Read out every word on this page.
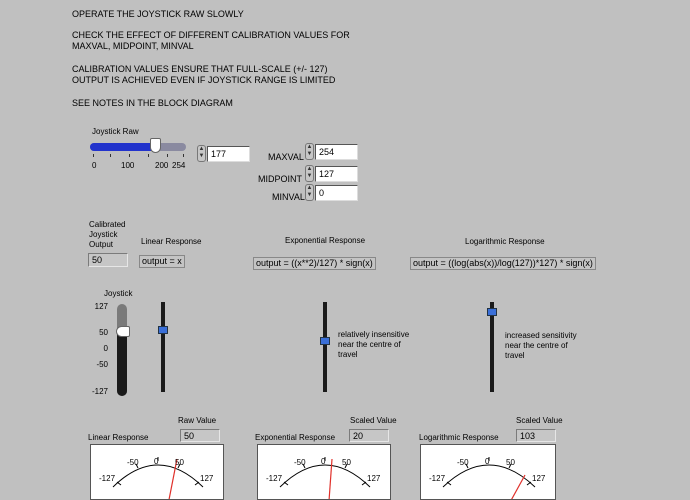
OPERATE THE JOYSTICK RAW SLOWLY
CHECK THE EFFECT OF DIFFERENT CALIBRATION VALUES FOR
MAXVAL, MIDPOINT, MINVAL
CALIBRATION VALUES ENSURE THAT FULL-SCALE (+/- 127)
OUTPUT IS ACHIEVED EVEN IF JOYSTICK RANGE IS LIMITED
SEE NOTES IN THE BLOCK DIAGRAM
Joystick Raw
0	100	200 254
▲
▼ 177	MAXVAL
▲
▼ 254
MIDPOINT
▲
▼ 127
MINVAL
▲
▼ 0
Calibrated
Joystick
Output
50
Linear Response
output = x
Exponential Response
output = ((x**2)/127) * sign(x)
Logarithmic Response
output = ((log(abs(x))/log(127))*127) * sign(x)
Joystick
127
50
0
-50
-127
relatively insensitive
near the centre of
travel
increased sensitivity
near the centre of
travel
Raw Value
Linear Response	50
-127
-50 0 50
127
Scaled Value
Exponential Response	20
-127
-50 0 50
127
Scaled Value
Logarithmic Response	103
-127
-50 0 50
127
